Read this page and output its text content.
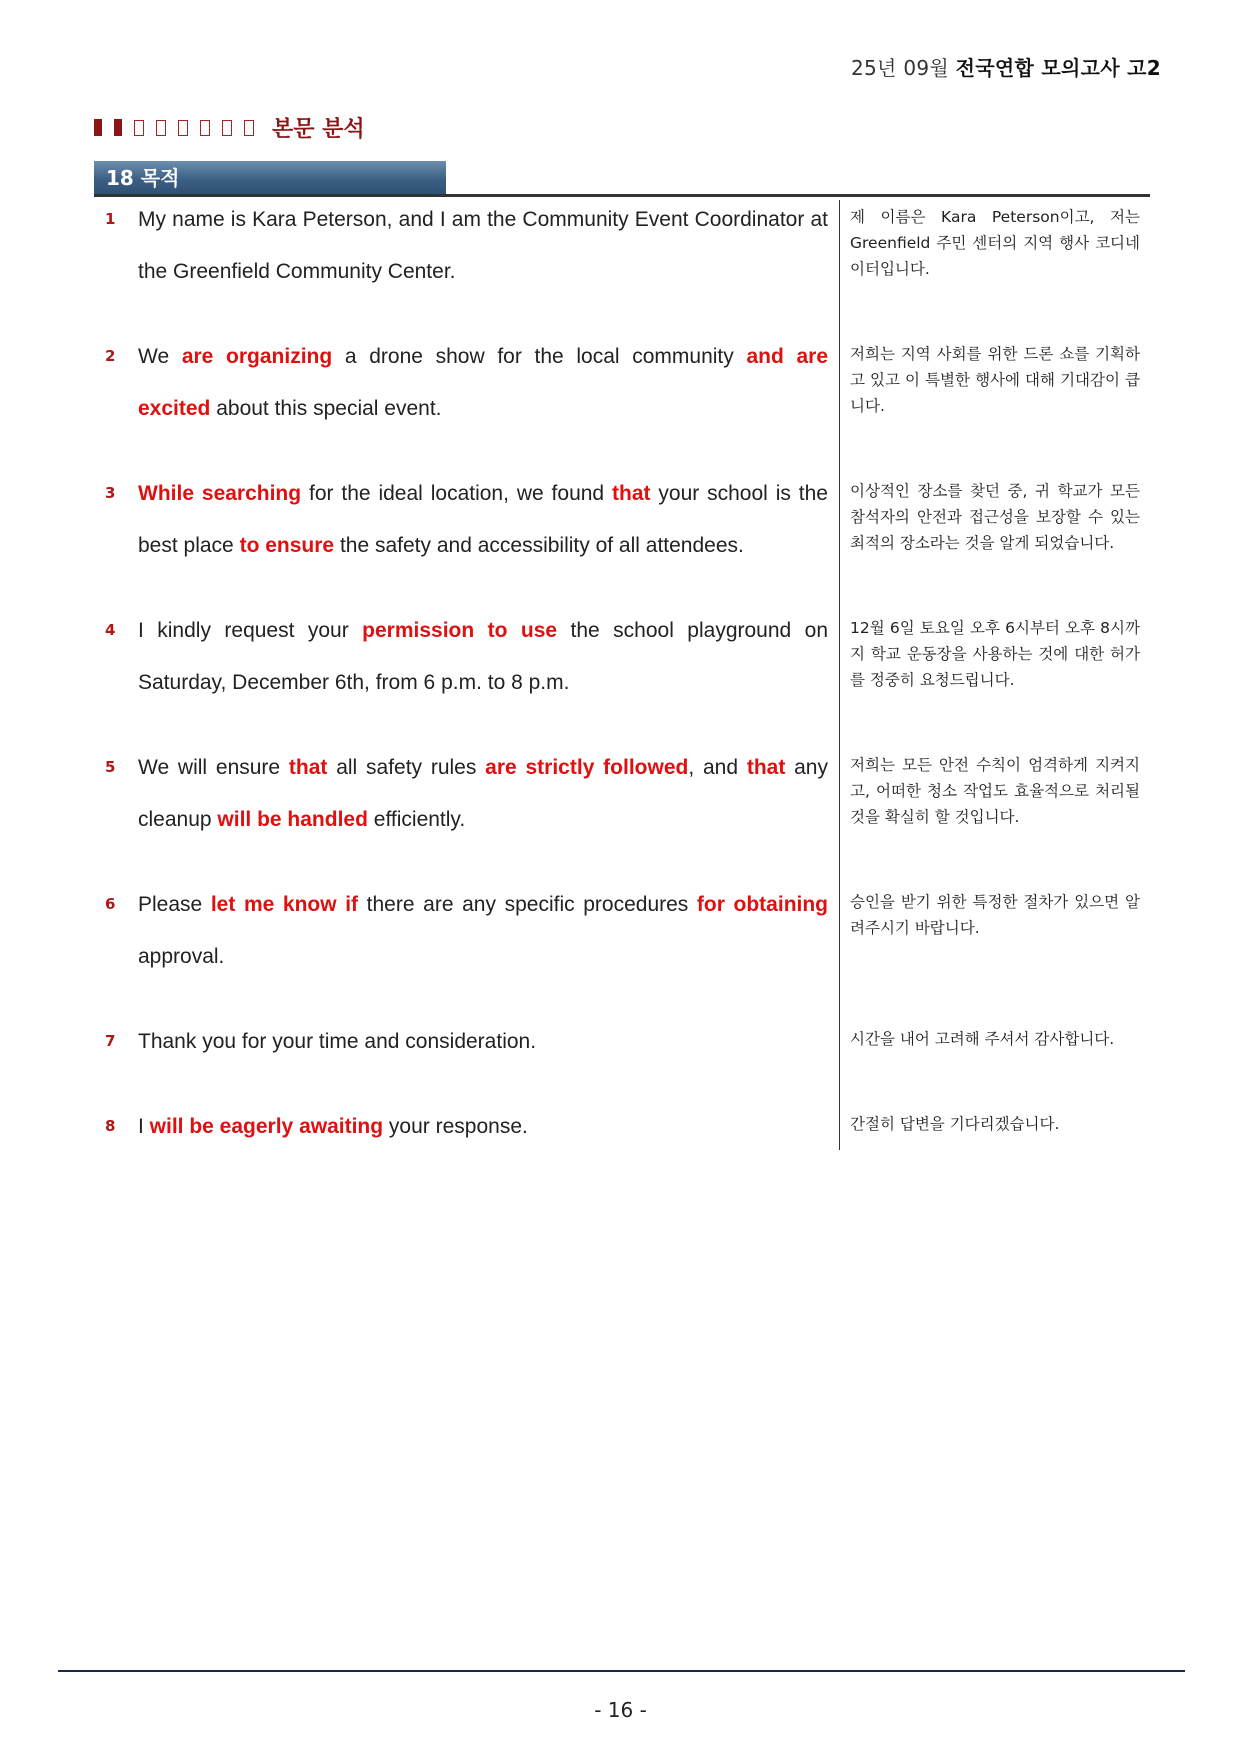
25년 09월 전국연합 모의고사 고2
본문 분석
18 목적
1 My name is Kara Peterson, and I am the Community Event Coordinator at the Greenfield Community Center.
제 이름은 Kara Peterson이고, 저는 Greenfield 주민 센터의 지역 행사 코디네이터입니다.
2 We are organizing a drone show for the local community and are excited about this special event.
저희는 지역 사회를 위한 드론 쇼를 기획하고 있고 이 특별한 행사에 대해 기대감이 큽니다.
3 While searching for the ideal location, we found that your school is the best place to ensure the safety and accessibility of all attendees.
이상적인 장소를 찾던 중, 귀 학교가 모든 참석자의 안전과 접근성을 보장할 수 있는 최적의 장소라는 것을 알게 되었습니다.
4 I kindly request your permission to use the school playground on Saturday, December 6th, from 6 p.m. to 8 p.m.
12월 6일 토요일 오후 6시부터 오후 8시까지 학교 운동장을 사용하는 것에 대한 허가를 정중히 요청드립니다.
5 We will ensure that all safety rules are strictly followed, and that any cleanup will be handled efficiently.
저희는 모든 안전 수칙이 엄격하게 지켜지고, 어떠한 청소 작업도 효율적으로 처리될 것을 확실히 할 것입니다.
6 Please let me know if there are any specific procedures for obtaining approval.
승인을 받기 위한 특정한 절차가 있으면 알려주시기 바랍니다.
7 Thank you for your time and consideration.	시간을 내어 고려해 주셔서 감사합니다.
8 I will be eagerly awaiting your response.	간절히 답변을 기다리겠습니다.
- 16 -
